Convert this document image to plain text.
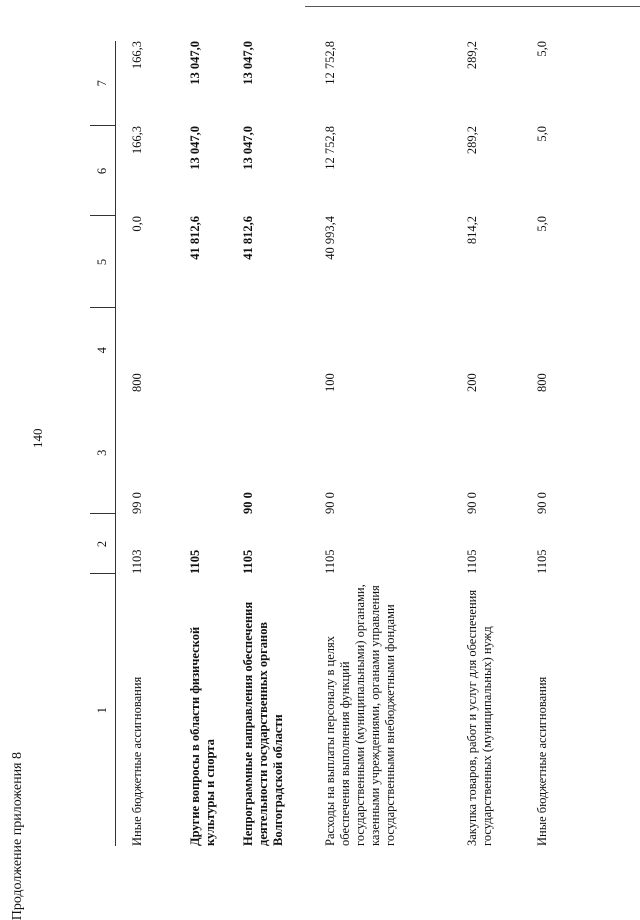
140
Продолжение приложения 8
1	2	3	4	5	6	7
Иные бюджетные ассигнования	1103	99 0	800	0,0	166,3	166,3
Другие вопросы в области физической культуры и спорта	1105			41 812,6	13 047,0	13 047,0
Непрограммные направления обеспечения деятельности государственных органов Волгоградской области	1105	90 0		41 812,6	13 047,0	13 047,0
Расходы на выплаты персоналу в целях обеспечения выполнения функций государственными (муниципальными) органами, казенными учреждениями, органами управления государственными внебюджетными фондами	1105	90 0	100	40 993,4	12 752,8	12 752,8
Закупка товаров, работ и услуг для обеспечения государственных (муниципальных) нужд	1105	90 0	200	814,2	289,2	289,2
Иные бюджетные ассигнования	1105	90 0	800	5,0	5,0	5,0
